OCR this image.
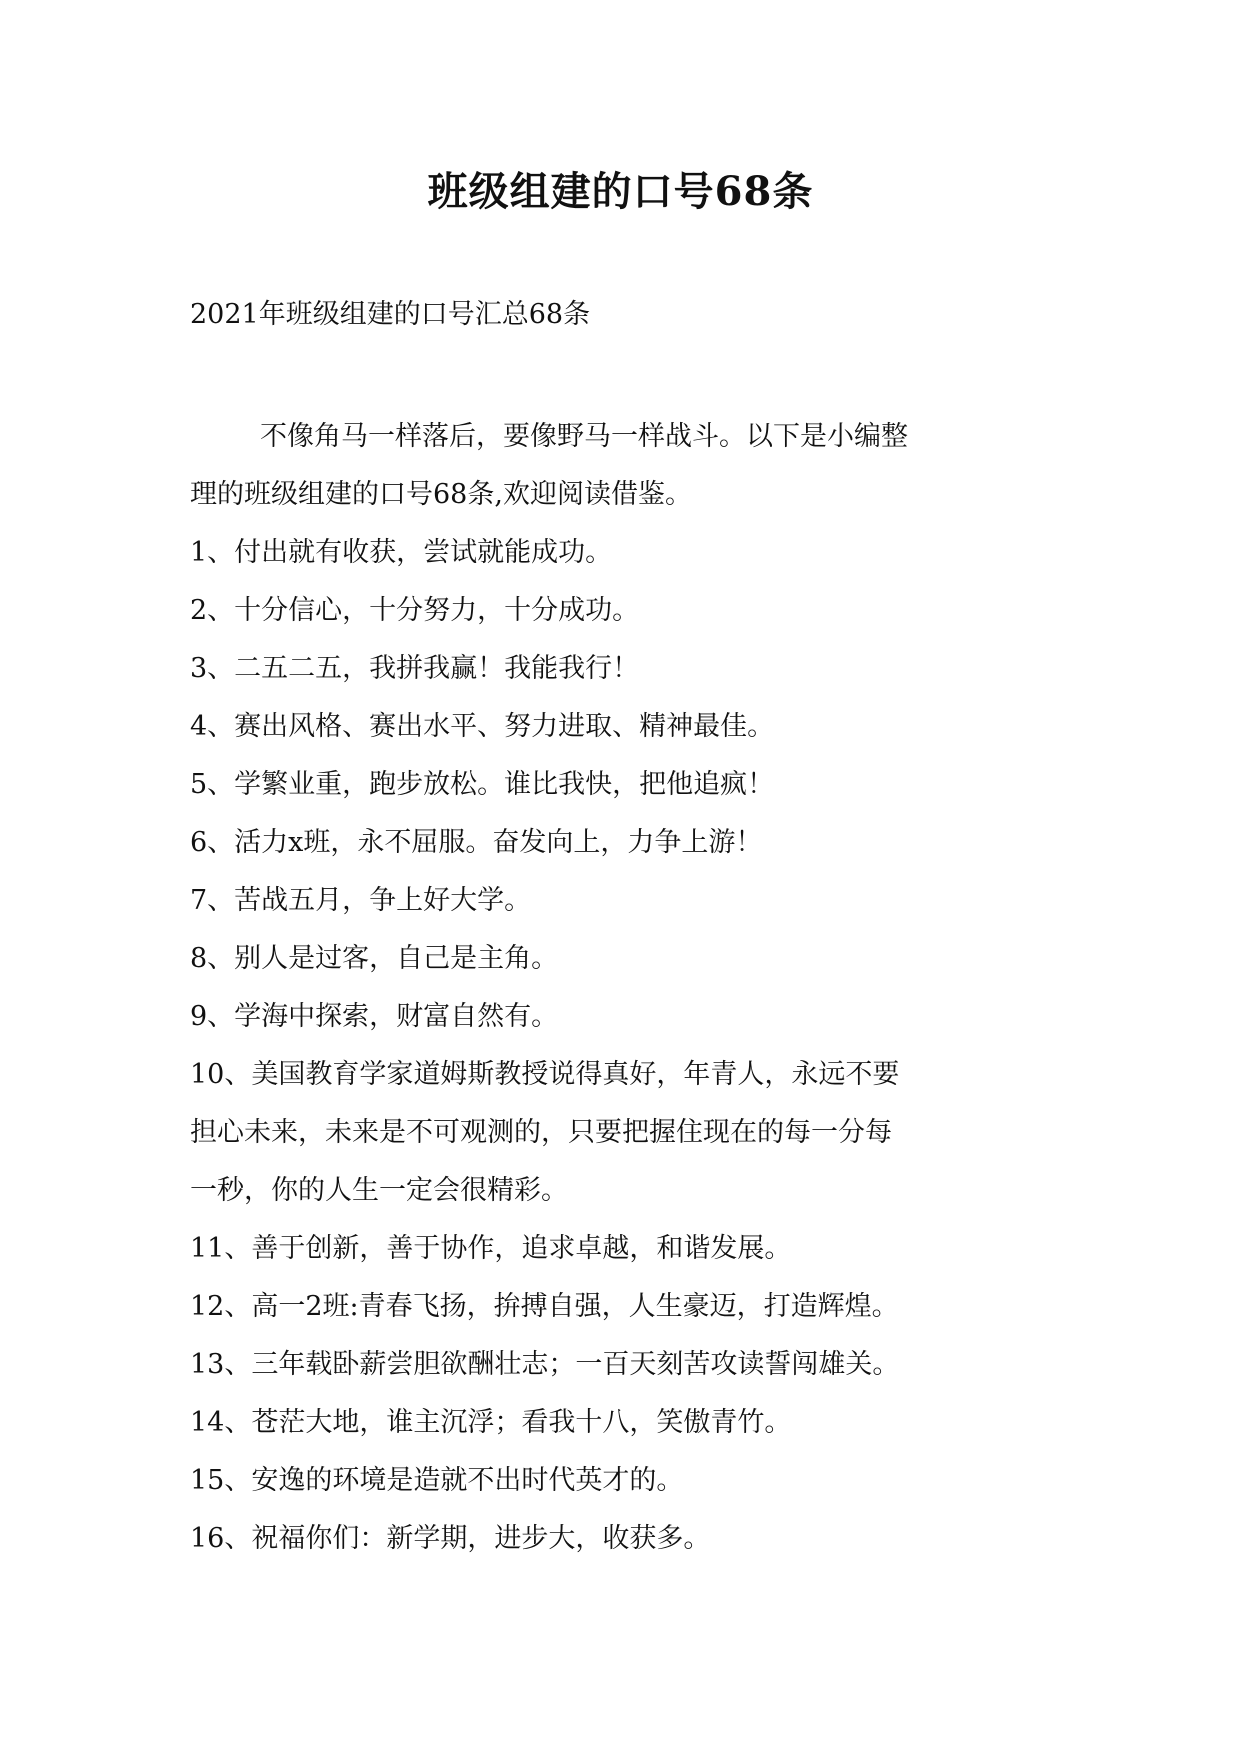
班级组建的口号68条

2021年班级组建的口号汇总68条

不像角马一样落后，要像野马一样战斗。以下是小编整
理的班级组建的口号68条,欢迎阅读借鉴。

1、付出就有收获，尝试就能成功。

2、十分信心，十分努力，十分成功。

3、二五二五，我拼我赢！我能我行！

4、赛出风格、赛出水平、努力进取、精神最佳。

5、学繁业重，跑步放松。谁比我快，把他追疯！

6、活力x班，永不屈服。奋发向上，力争上游！

7、苦战五月，争上好大学。

8、别人是过客，自己是主角。

9、学海中探索，财富自然有。

10、美国教育学家道姆斯教授说得真好，年青人，永远不要
担心未来，未来是不可观测的，只要把握住现在的每一分每
一秒，你的人生一定会很精彩。

11、善于创新，善于协作，追求卓越，和谐发展。

12、高一2班:青春飞扬，拚搏自强，人生豪迈，打造辉煌。

13、三年载卧薪尝胆欲酬壮志；一百天刻苦攻读誓闯雄关。

14、苍茫大地，谁主沉浮；看我十八，笑傲青竹。

15、安逸的环境是造就不出时代英才的。

16、祝福你们：新学期，进步大，收获多。
